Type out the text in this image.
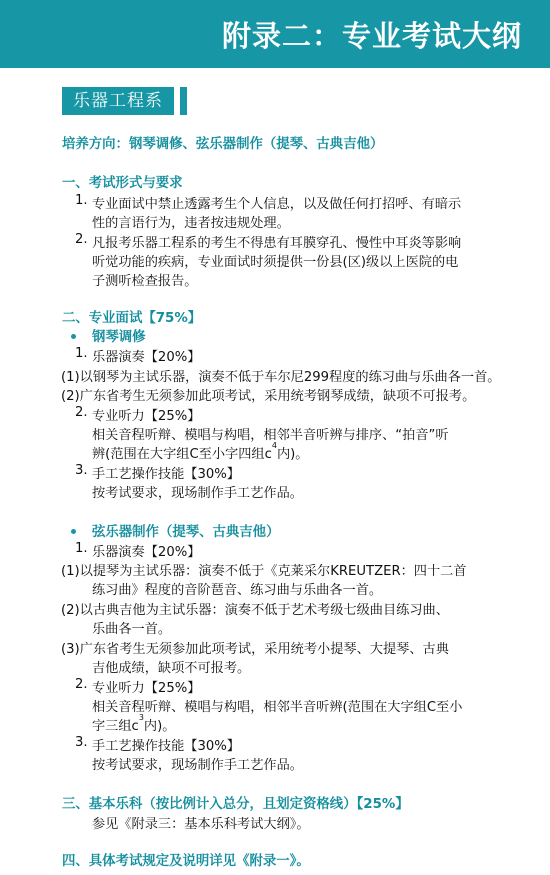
附录二：专业考试大纲
乐器工程系
培养方向：钢琴调修、弦乐器制作（提琴、古典吉他）
一、考试形式与要求
1. 专业面试中禁止透露考生个人信息，以及做任何打招呼、有暗示
性的言语行为，违者按违规处理。
2. 凡报考乐器工程系的考生不得患有耳膜穿孔、慢性中耳炎等影响
听觉功能的疾病，专业面试时须提供一份县(区)级以上医院的电
子测听检查报告。
二、专业面试【75%】
钢琴调修
1. 乐器演奏【20%】
(1)以钢琴为主试乐器，演奏不低于车尔尼299程度的练习曲与乐曲各一首。
(2)广东省考生无须参加此项考试，采用统考钢琴成绩，缺项不可报考。
2. 专业听力【25%】
相关音程听辩、模唱与构唱，相邻半音听辨与排序、“拍音”听
辨(范围在大字组C至小字四组$c^4$内)。
3. 手工艺操作技能【30%】
按考试要求，现场制作手工艺作品。
弦乐器制作（提琴、古典吉他）
1. 乐器演奏【20%】
(1)以提琴为主试乐器：演奏不低于《克莱采尔KREUTZER：四十二首
练习曲》程度的音阶琶音、练习曲与乐曲各一首。
(2)以古典吉他为主试乐器：演奏不低于艺术考级七级曲目练习曲、
乐曲各一首。
(3)广东省考生无须参加此项考试，采用统考小提琴、大提琴、古典
吉他成绩，缺项不可报考。
2. 专业听力【25%】
相关音程听辩、模唱与构唱，相邻半音听辨(范围在大字组C至小
字三组$c^3$内)。
3. 手工艺操作技能【30%】
按考试要求，现场制作手工艺作品。
三、基本乐科（按比例计入总分，且划定资格线）【25%】
参见《附录三：基本乐科考试大纲》。
四、具体考试规定及说明详见《附录一》。
